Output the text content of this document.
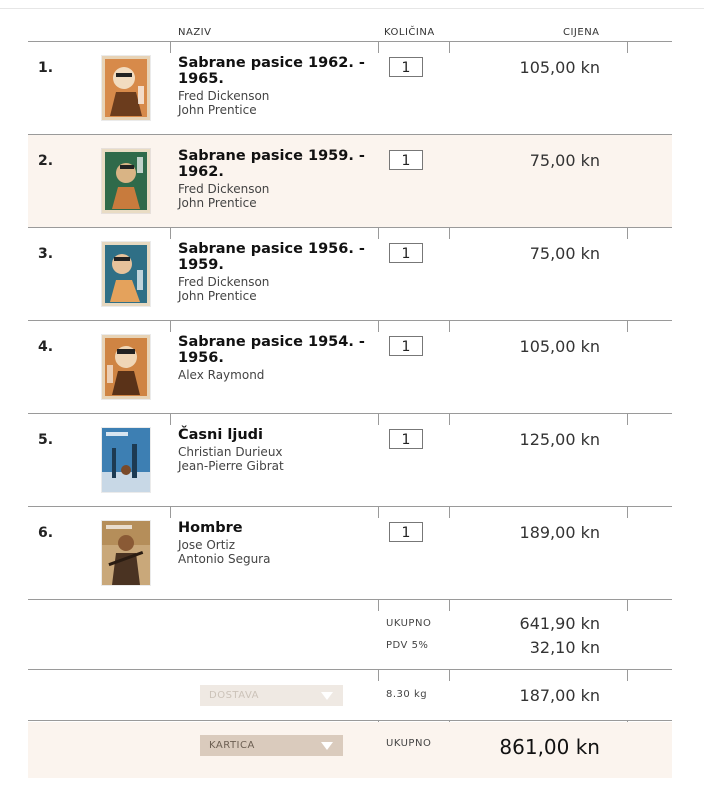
NAZIV	KOLIČINA	CIJENA
1.	Sabrane pasice 1962. -
1965.
Fred Dickenson
John Prentice
1	105,00 kn
2.	Sabrane pasice 1959. -
1962.
Fred Dickenson
John Prentice
1	75,00 kn
3.	Sabrane pasice 1956. -
1959.
Fred Dickenson
John Prentice
1	75,00 kn
4.	Sabrane pasice 1954. -
1956.
Alex Raymond
1	105,00 kn
5.	Časni ljudi
Christian Durieux
Jean-Pierre Gibrat
1	125,00 kn
6.	Hombre
Jose Ortiz
Antonio Segura
1	189,00 kn
UKUPNO	641,90 kn
PDV 5%	32,10 kn
DOSTAVA	8.30 kg	187,00 kn
KARTICA	UKUPNO	861,00 kn
